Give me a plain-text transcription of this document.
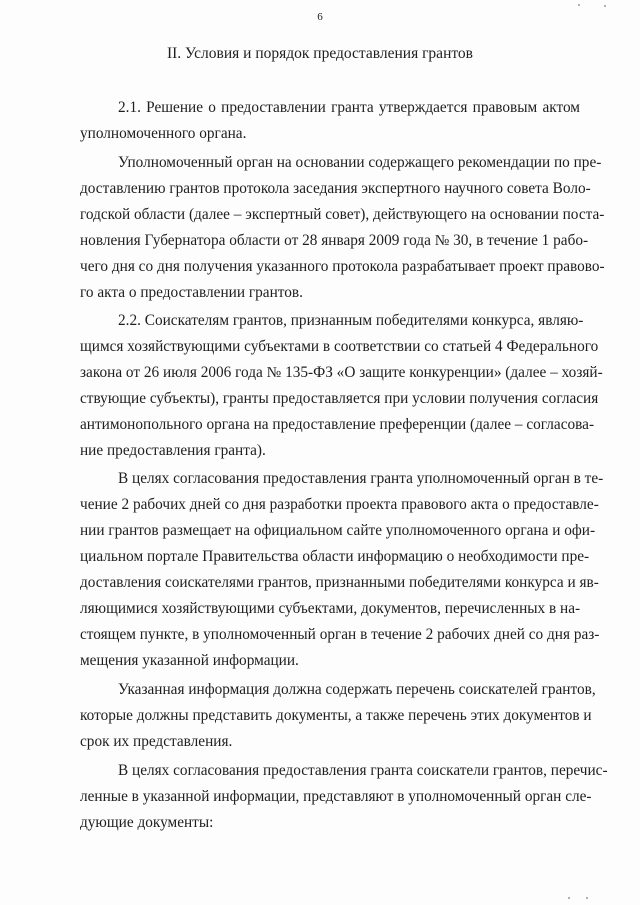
6
II. Условия и порядок предоставления грантов
2.1. Решение о предоставлении гранта утверждается правовым актом
уполномоченного органа.
Уполномоченный орган на основании содержащего рекомендации по пре-
доставлению грантов протокола заседания экспертного научного совета Воло-
годской области (далее – экспертный совет), действующего на основании поста-
новления Губернатора области от 28 января 2009 года № 30, в течение 1 рабо-
чего дня со дня получения указанного протокола разрабатывает проект правово-
го акта о предоставлении грантов.
2.2. Соискателям грантов, признанным победителями конкурса, являю-
щимся хозяйствующими субъектами в соответствии со статьей 4 Федерального
закона от 26 июля 2006 года № 135-ФЗ «О защите конкуренции» (далее – хозяй-
ствующие субъекты), гранты предоставляется при условии получения согласия
антимонопольного органа на предоставление преференции (далее – согласова-
ние предоставления гранта).
В целях согласования предоставления гранта уполномоченный орган в те-
чение 2 рабочих дней со дня разработки проекта правового акта о предоставле-
нии грантов размещает на официальном сайте уполномоченного органа и офи-
циальном портале Правительства области информацию о необходимости пре-
доставления соискателями грантов, признанными победителями конкурса и яв-
ляющимися хозяйствующими субъектами, документов, перечисленных в на-
стоящем пункте, в уполномоченный орган в течение 2 рабочих дней со дня раз-
мещения указанной информации.
Указанная информация должна содержать перечень соискателей грантов,
которые должны представить документы, а также перечень этих документов и
срок их представления.
В целях согласования предоставления гранта соискатели грантов, перечис-
ленные в указанной информации, представляют в уполномоченный орган сле-
дующие документы:
